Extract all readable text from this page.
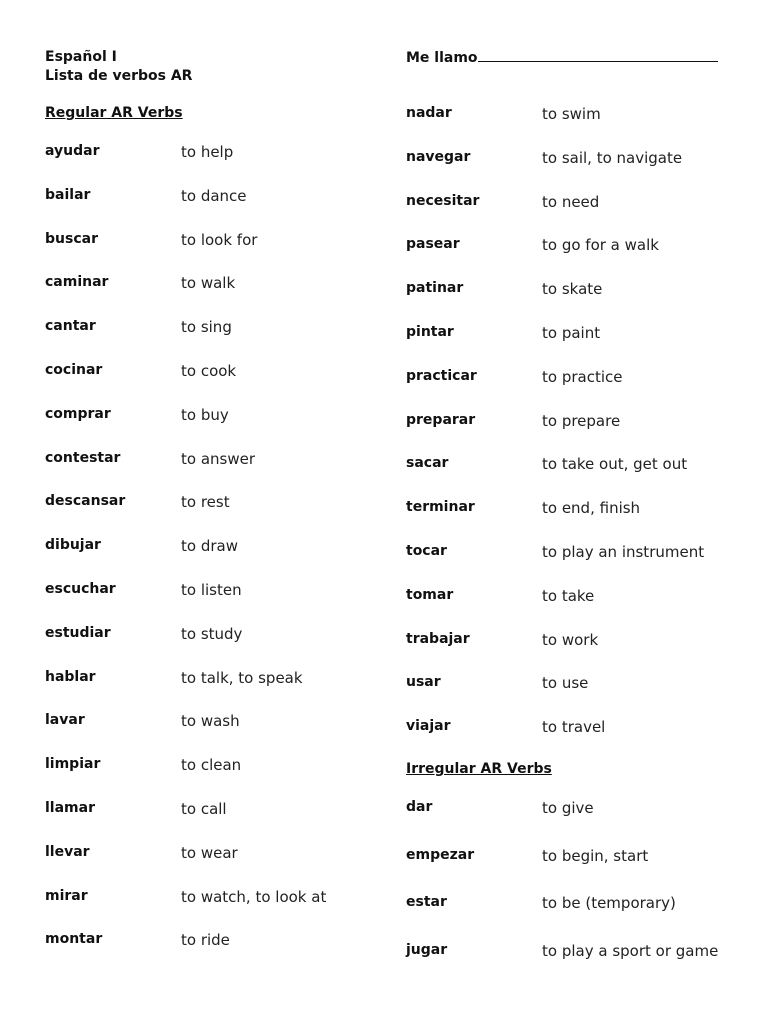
Español I
Lista de verbos AR
Regular AR Verbs
ayudar	to help
bailar	to dance
buscar	to look for
caminar	to walk
cantar	to sing
cocinar	to cook
comprar	to buy
contestar	to answer
descansar	to rest
dibujar	to draw
escuchar	to listen
estudiar	to study
hablar	to talk, to speak
lavar	to wash
limpiar	to clean
llamar	to call
llevar	to wear
mirar	to watch, to look at
montar	to ride
Me llamo
nadar	to swim
navegar	to sail, to navigate
necesitar	to need
pasear	to go for a walk
patinar	to skate
pintar	to paint
practicar	to practice
preparar	to prepare
sacar	to take out, get out
terminar	to end, finish
tocar	to play an instrument
tomar	to take
trabajar	to work
usar	to use
viajar	to travel
Irregular AR Verbs
dar	to give
empezar	to begin, start
estar	to be (temporary)
jugar	to play a sport or game
